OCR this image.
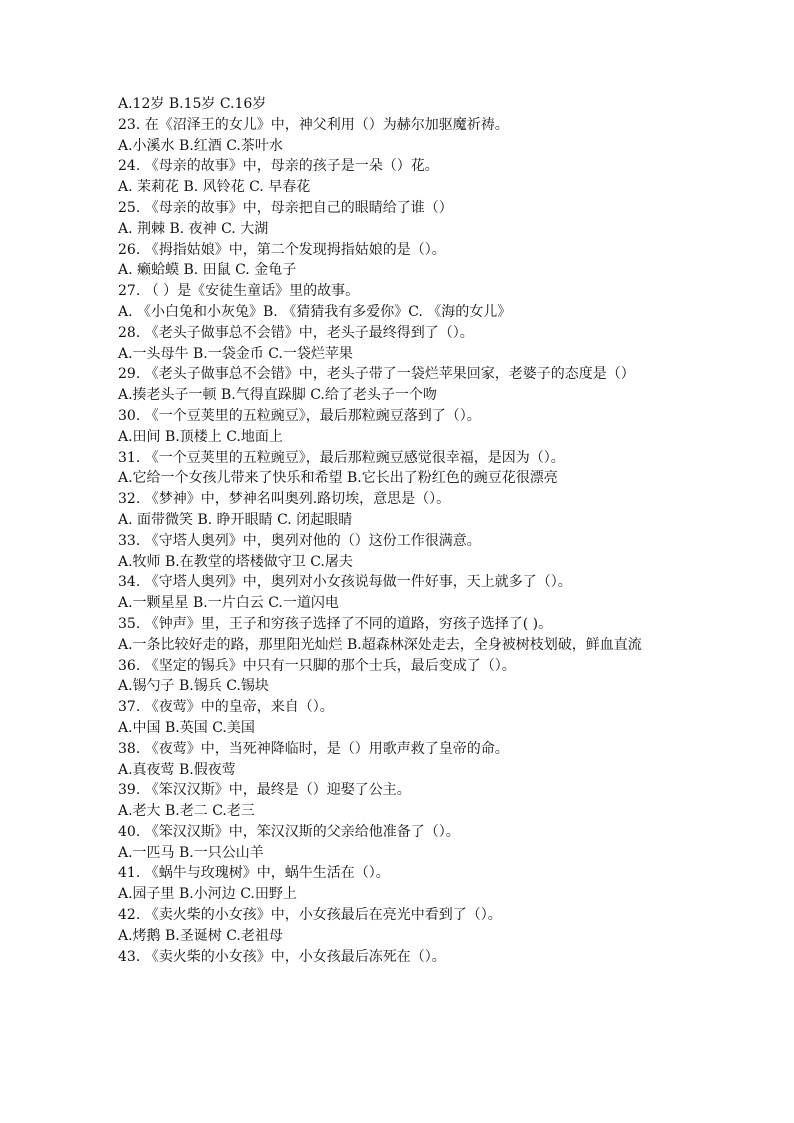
A.12岁 B.15岁 C.16岁
23. 在《沼泽王的女儿》中，神父利用（）为赫尔加驱魔祈祷。
A.小溪水 B.红酒 C.茶叶水
24. 《母亲的故事》中，母亲的孩子是一朵（）花。
A. 茉莉花 B. 风铃花 C. 早春花
25. 《母亲的故事》中，母亲把自己的眼睛给了谁（）
A. 荆棘 B. 夜神 C. 大湖
26. 《拇指姑娘》中，第二个发现拇指姑娘的是（）。
A. 癞蛤蟆 B. 田鼠 C. 金龟子
27. （ ）是《安徒生童话》里的故事。
A. 《小白兔和小灰兔》B. 《猜猜我有多爱你》C. 《海的女儿》
28. 《老头子做事总不会错》中，老头子最终得到了（）。
A.一头母牛 B.一袋金币 C.一袋烂苹果
29. 《老头子做事总不会错》中，老头子带了一袋烂苹果回家，老婆子的态度是（）
A.揍老头子一顿 B.气得直跺脚 C.给了老头子一个吻
30. 《一个豆荚里的五粒豌豆》，最后那粒豌豆落到了（）。
A.田间 B.顶楼上 C.地面上
31. 《一个豆荚里的五粒豌豆》，最后那粒豌豆感觉很幸福，是因为（）。
A.它给一个女孩儿带来了快乐和希望 B.它长出了粉红色的豌豆花很漂亮
32. 《梦神》中，梦神名叫奥列.路切埃，意思是（）。
A. 面带微笑 B. 睁开眼睛 C. 闭起眼睛
33. 《守塔人奥列》中，奥列对他的（）这份工作很满意。
A.牧师 B.在教堂的塔楼做守卫 C.屠夫
34. 《守塔人奥列》中，奥列对小女孩说每做一件好事，天上就多了（）。
A.一颗星星 B.一片白云 C.一道闪电
35. 《钟声》里，王子和穷孩子选择了不同的道路，穷孩子选择了( )。
A.一条比较好走的路，那里阳光灿烂 B.超森林深处走去，全身被树枝划破，鲜血直流
36. 《坚定的锡兵》中只有一只脚的那个士兵，最后变成了（）。
A.锡勺子 B.锡兵 C.锡块
37. 《夜莺》中的皇帝，来自（）。
A.中国 B.英国 C.美国
38. 《夜莺》中，当死神降临时，是（）用歌声救了皇帝的命。
A.真夜莺 B.假夜莺
39. 《笨汉汉斯》中，最终是（）迎娶了公主。
A.老大 B.老二 C.老三
40. 《笨汉汉斯》中，笨汉汉斯的父亲给他准备了（）。
A.一匹马 B.一只公山羊
41. 《蜗牛与玫瑰树》中，蜗牛生活在（）。
A.园子里 B.小河边 C.田野上
42. 《卖火柴的小女孩》中，小女孩最后在亮光中看到了（）。
A.烤鹅 B.圣诞树 C.老祖母
43. 《卖火柴的小女孩》中，小女孩最后冻死在（）。
